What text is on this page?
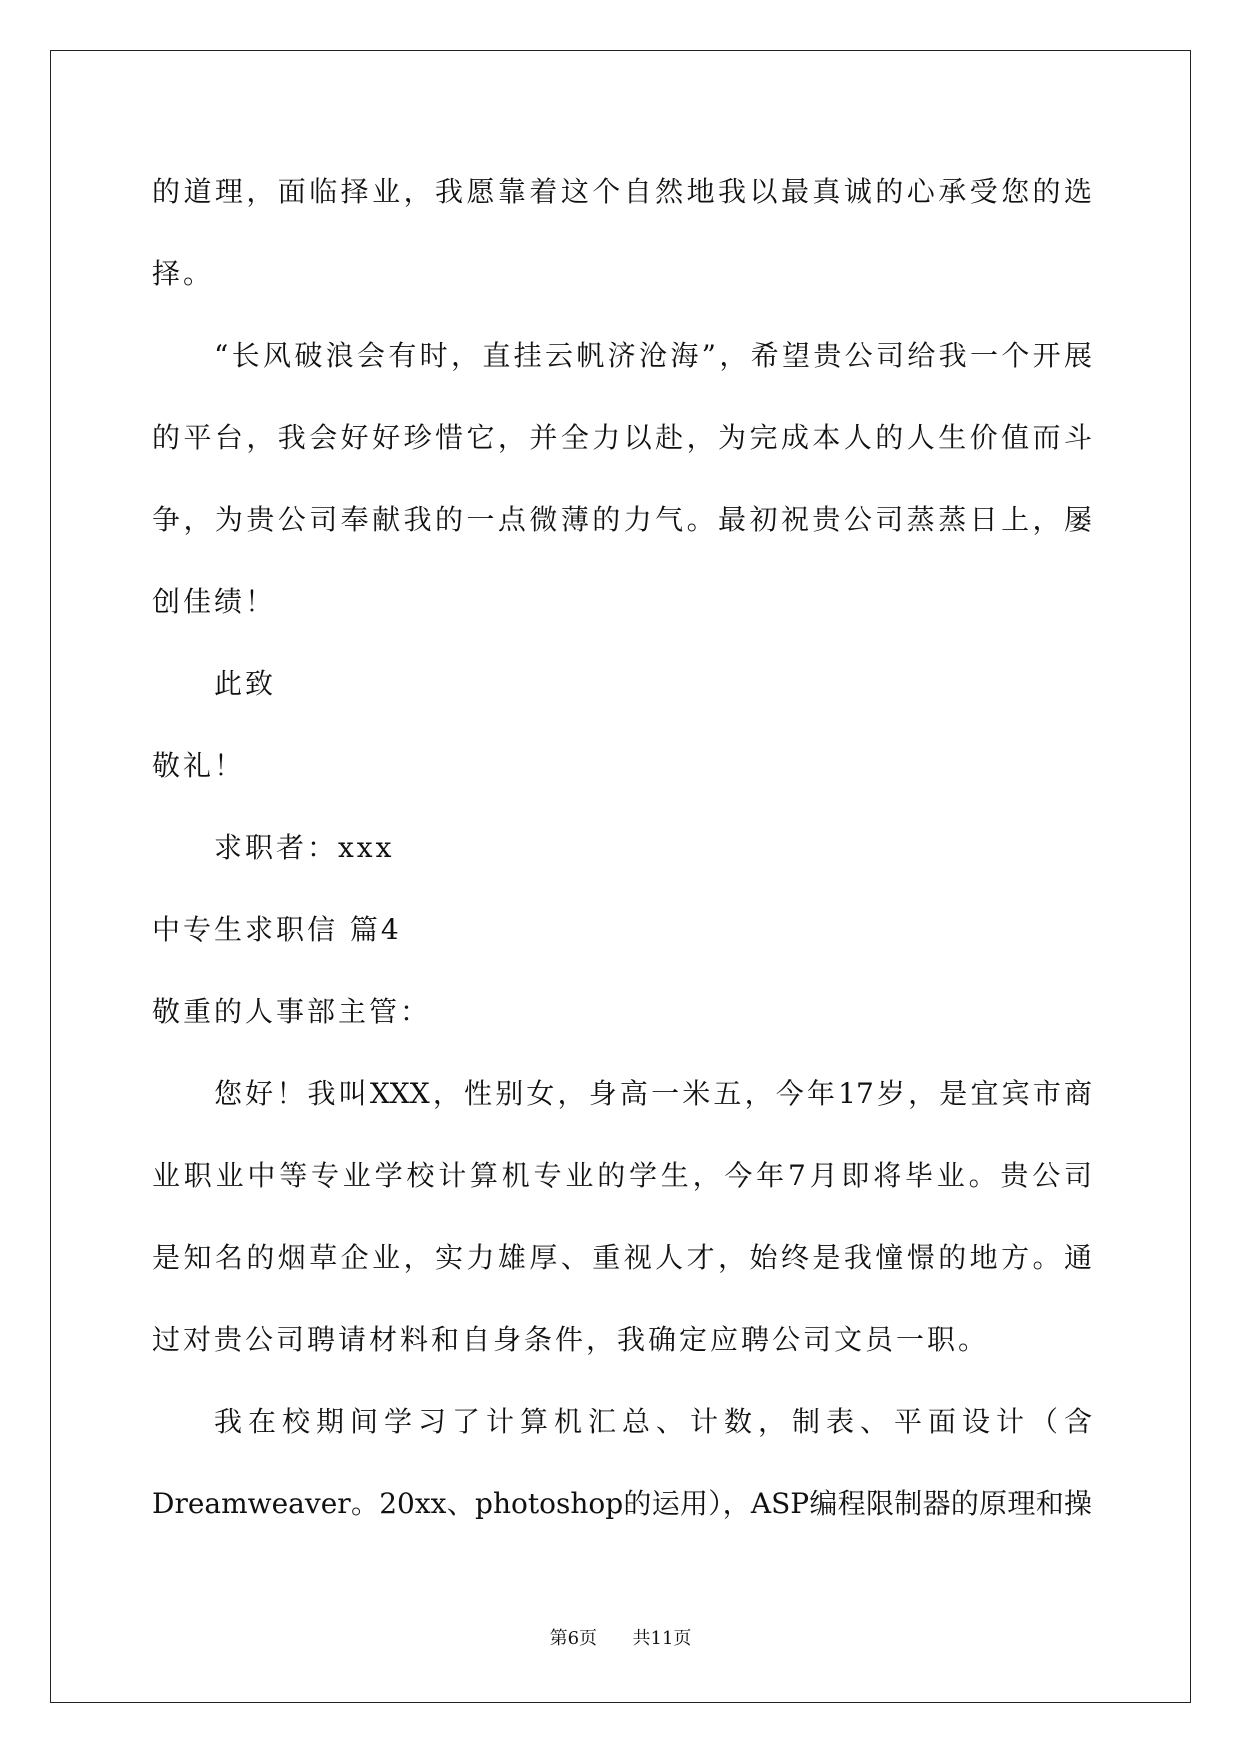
的道理，面临择业，我愿靠着这个自然地我以最真诚的心承受您的选
择。
“长风破浪会有时，直挂云帆济沧海”，希望贵公司给我一个开展
的平台，我会好好珍惜它，并全力以赴，为完成本人的人生价值而斗
争，为贵公司奉献我的一点微薄的力气。最初祝贵公司蒸蒸日上，屡
创佳绩！
此致
敬礼！
求职者：xxx
中专生求职信 篇4
敬重的人事部主管：
您好！我叫XXX，性别女，身高一米五，今年17岁，是宜宾市商
业职业中等专业学校计算机专业的学生，今年7月即将毕业。贵公司
是知名的烟草企业，实力雄厚、重视人才，始终是我憧憬的地方。通
过对贵公司聘请材料和自身条件，我确定应聘公司文员一职。
我在校期间学习了计算机汇总、计数，制表、平面设计（含
Dreamweaver。20xx、photoshop的运用），ASP编程限制器的原理和操
第6页 共11页
